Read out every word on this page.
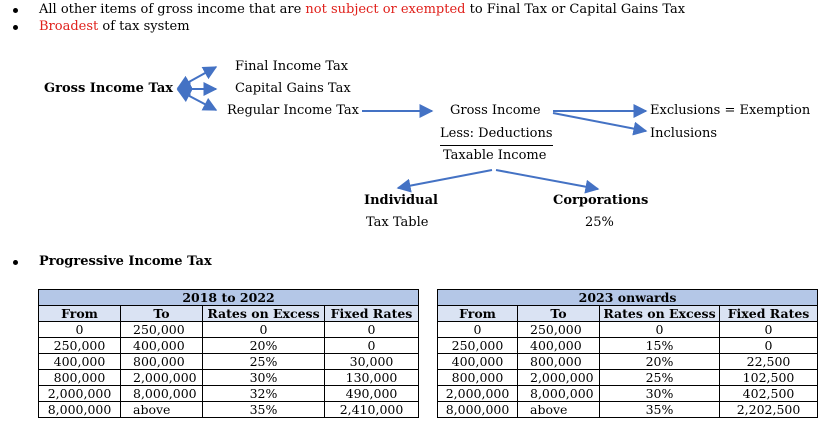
All other items of gross income that are not subject or exempted to Final Tax or Capital Gains Tax
Broadest of tax system
Gross Income Tax
Final Income Tax
Capital Gains Tax
Regular Income Tax	Gross Income
Less: Deductions
Taxable Income
Exclusions = Exemption
Inclusions
Individual
Tax Table
Corporations
25%
Progressive Income Tax
2018 to 2022			
From	To	Rates on Excess	Fixed Rates
0	250,000	0	0
250,000	400,000	20%	0
400,000	800,000	25%	30,000
800,000	2,000,000	30%	130,000
2,000,000	8,000,000	32%	490,000
8,000,000	above	35%	2,410,000
2023 onwards			
From	To	Rates on Excess	Fixed Rates
0	250,000	0	0
250,000	400,000	15%	0
400,000	800,000	20%	22,500
800,000	2,000,000	25%	102,500
2,000,000	8,000,000	30%	402,500
8,000,000	above	35%	2,202,500
